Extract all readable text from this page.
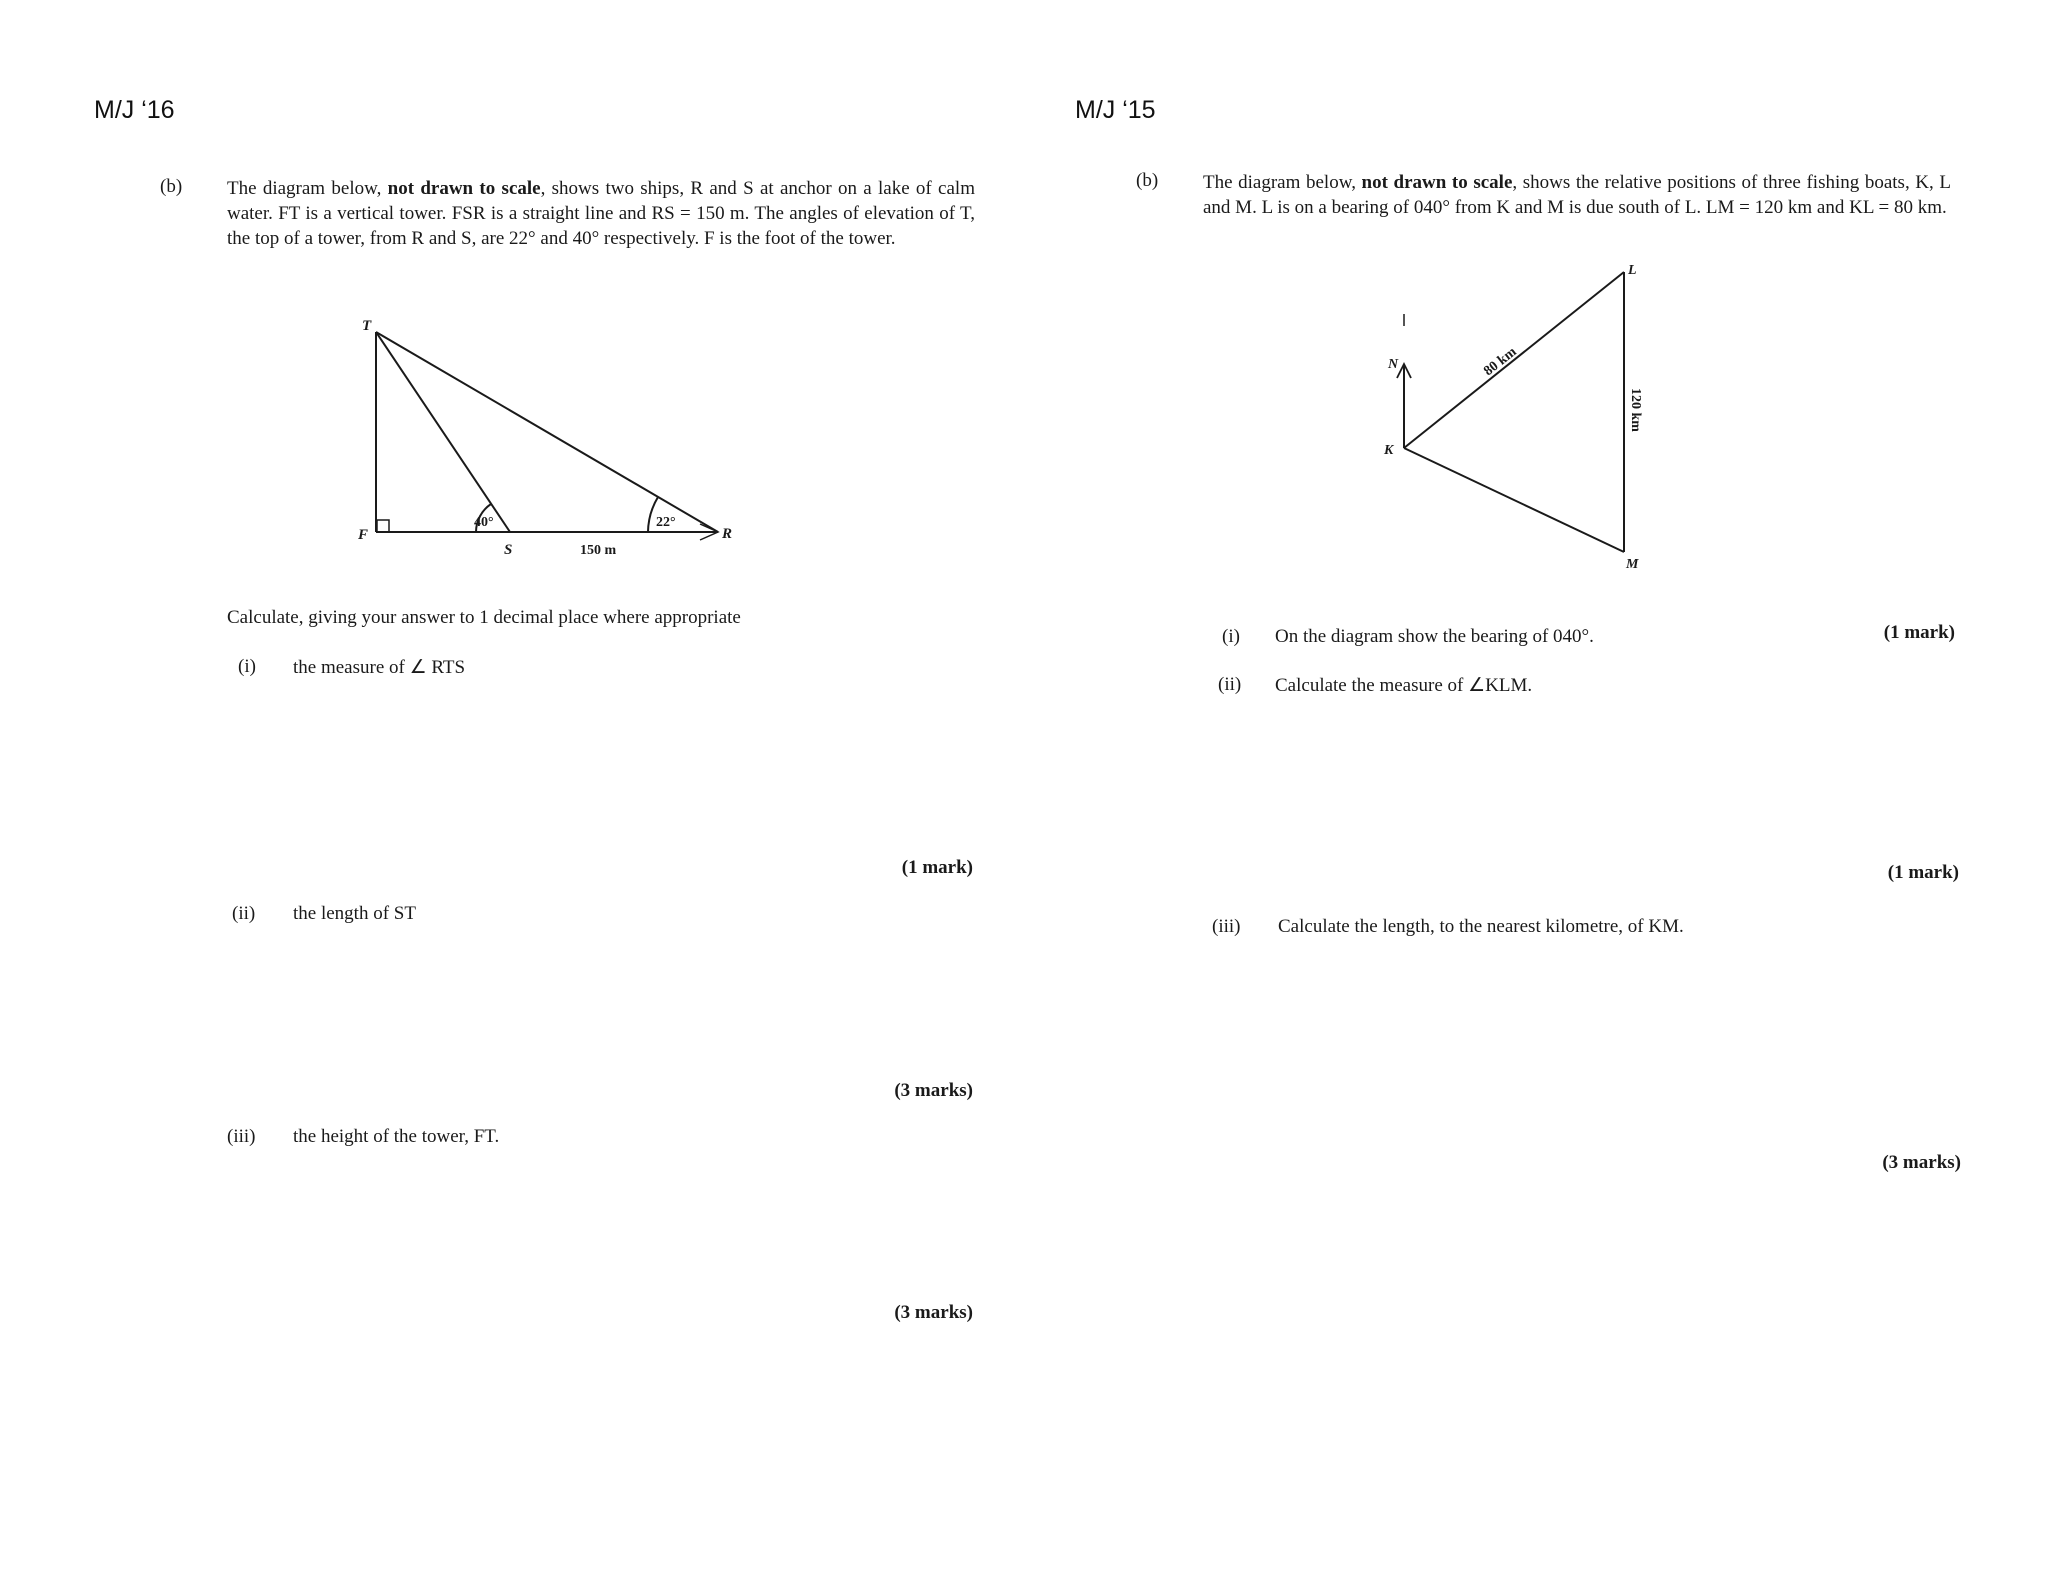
M/J ‘16
(b) The diagram below, not drawn to scale, shows two ships, R and S at anchor on a lake of calm water. FT is a vertical tower. FSR is a straight line and RS = 150 m. The angles of elevation of T, the top of a tower, from R and S, are 22° and 40° respectively. F is the foot of the tower.
T
F
S
R
40°	22°
150 m
Calculate, giving your answer to 1 decimal place where appropriate
(i) the measure of ∠ RTS
(1 mark)
(ii) the length of ST
(3 marks)
(iii) the height of the tower, FT.
(3 marks)
M/J ‘15
(b) The diagram below, not drawn to scale, shows the relative positions of three fishing boats, K, L and M. L is on a bearing of 040° from K and M is due south of L. LM = 120 km and KL = 80 km.
L
K
M
N	80 km
120 km
(i) On the diagram show the bearing of 040°.	(1 mark)
(ii) Calculate the measure of ∠KLM.
(1 mark)
(iii) Calculate the length, to the nearest kilometre, of KM.
(3 marks)
